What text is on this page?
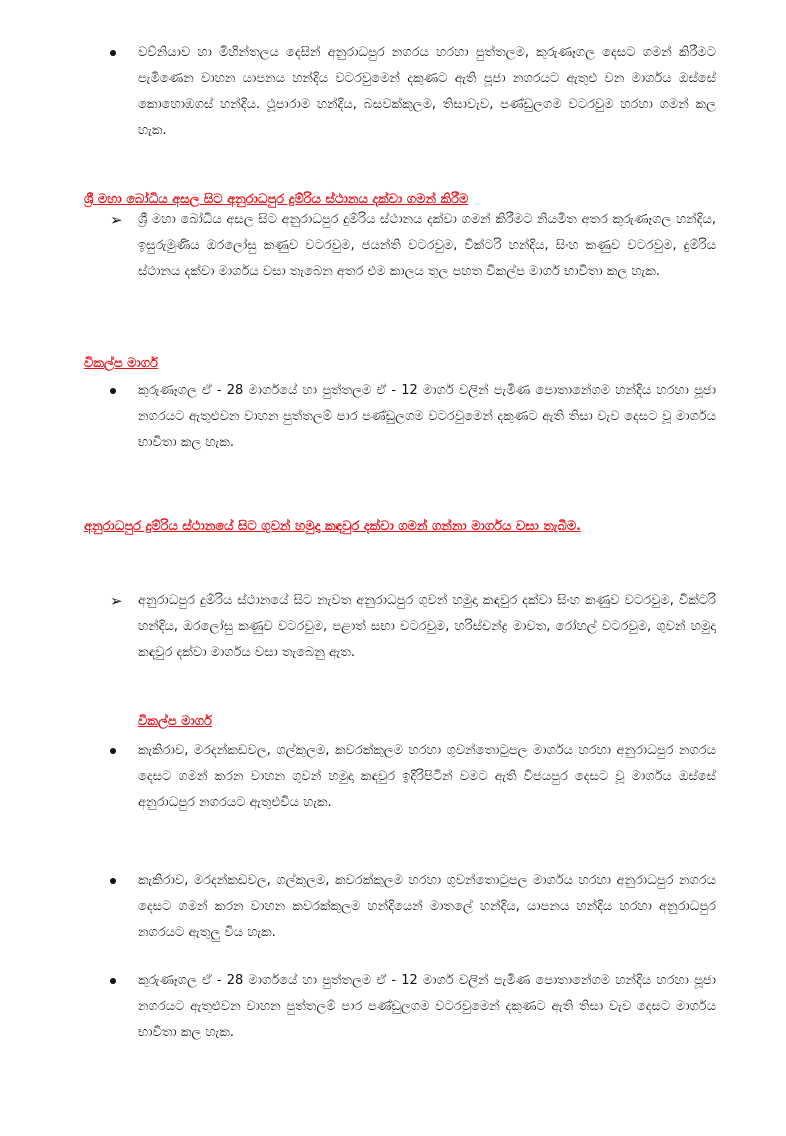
වව්නියාව හා මිහින්තලය දෙසින් අනුරාධපුර නගරය හරහා පුත්තලම, කුරුණෑගල දෙසට ගමන් කිරීමට පැමිණෙන වාහන යාපනය හන්දිය වටරවුමෙන් දකුණට ඇති පූජා නගරයට ඇතුළු වන මාර්ගය ඔස්සේ කොහොඹගස් හන්දිය. ථූපාරාම හන්දිය, බසවක්කුලම, තිසාවැව, පණ්ඩුලගම වටරවුම හරහා ගමන් කල හැක.

ශ්‍රී මහා බෝධිය අසල සිට අනුරාධපුර දුම්රිය ස්ථානය දක්වා ගමන් කිරීම

➢ ශ්‍රී මහා බෝධිය අසල සිට අනුරාධපුර දුම්රිය ස්ථානය දක්වා ගමන් කිරීමට නියමිත අතර කුරුණෑගල හන්දිය, ඉසුරුමුණිය ඔරලෝසු කණුව වටරවුම, ජයන්ති වටරවුම, වික්ටරි හන්දිය, සිංහ කණුව වටරවුම, දුම්රිය ස්ථානය දක්වා මාර්ගය වසා තැබෙන අතර එම කාලය තුල පහත විකල්ප මාර්ග භාවිතා කල හැක.

විකල්ප මාර්ග

කුරුණෑගල ඒ - 28 මාර්ගයේ හා පුත්තලම ඒ - 12 මාර්ග වලින් පැමිණ පොතානේගම හන්දිය හරහා පූජා නගරයට ඇතුළුවන වාහන පුත්තලම් පාර පණ්ඩුලගම වටරවුමෙන් දකුණට ඇති තිසා වැව දෙසට වූ මාර්ගය භාවිතා කල හැක.

අනුරාධපුර දුම්රිය ස්ථානයේ සිට ගුවන් හමුදා කඳවුර දක්වා ගමන් ගන්නා මාර්ගය වසා තැබීම.

➢ අනුරාධපුර දුම්රිය ස්ථානයේ සිට නැවත අනුරාධපුර ගුවන් හමුදා කඳවුර දක්වා සිංහ කණුව වටරවුම, වික්ටරි හන්දිය, ඔරලෝසු කණුව වටරවුම, පළාත් සභා වටරවුම, හරිස්චන්ද්‍ර මාවත, රෝහල් වටරවුම, ගුවන් හමුදා කඳවුර දක්වා මාර්ගය වසා තැබෙනු ඇත.

විකල්ප මාර්ග

කැකිරාව, මරදන්කඩවල, ගල්කුලම, කවරක්කුලම හරහා ගුවන්තොටුපල මාර්ගය හරහා අනුරාධපුර නගරය දෙසට ගමන් කරන වාහන ගුවන් හමුදා කඳවුර ඉදිරිපිටින් වමට ඇති විජයපුර දෙසට වූ මාර්ගය ඔස්සේ අනුරාධපුර නගරයට ඇතුළුවිය හැක.

කැකිරාව, මරදන්කඩවල, ගල්කුලම, කවරක්කුලම හරහා ගුවන්තොටුපල මාර්ගය හරහා අනුරාධපුර නගරය දෙසට ගමන් කරන වාහන කවරක්කුලම හන්දියෙන් මාතලේ හන්දිය, යාපනය හන්දිය හරහා අනුරාධපුර නගරයට ඇතුලු විය හැක.

කුරුණෑගල ඒ - 28 මාර්ගයේ හා පුත්තලම ඒ - 12 මාර්ග වලින් පැමිණ පොතානේගම හන්දිය හරහා පූජා නගරයට ඇතුළුවන වාහන පුත්තලම් පාර පණ්ඩුලගම වටරවුමෙන් දකුණට ඇති තිසා වැව දෙසට මාර්ගය භාවිතා කල හැක.
